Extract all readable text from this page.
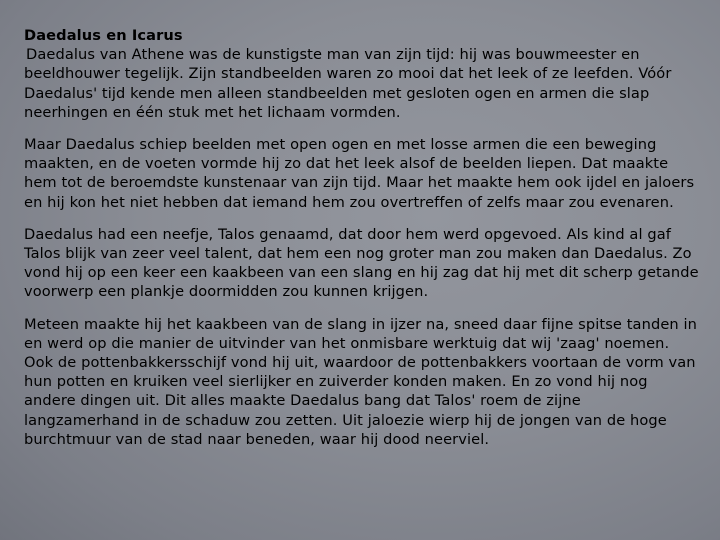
Daedalus en Icarus

Daedalus van Athene was de kunstigste man van zijn tijd: hij was bouwmeester en beeldhouwer tegelijk. Zijn standbeelden waren zo mooi dat het leek of ze leefden. Vóór Daedalus' tijd kende men alleen standbeelden met gesloten ogen en armen die slap neerhingen en één stuk met het lichaam vormden.

Maar Daedalus schiep beelden met open ogen en met losse armen die een beweging maakten, en de voeten vormde hij zo dat het leek alsof de beelden liepen. Dat maakte hem tot de beroemdste kunstenaar van zijn tijd. Maar het maakte hem ook ijdel en jaloers en hij kon het niet hebben dat iemand hem zou overtreffen of zelfs maar zou evenaren.

Daedalus had een neefje, Talos genaamd, dat door hem werd opgevoed. Als kind al gaf Talos blijk van zeer veel talent, dat hem een nog groter man zou maken dan Daedalus. Zo vond hij op een keer een kaakbeen van een slang en hij zag dat hij met dit scherp getande voorwerp een plankje doormidden zou kunnen krijgen.

Meteen maakte hij het kaakbeen van de slang in ijzer na, sneed daar fijne spitse tanden in en werd op die manier de uitvinder van het onmisbare werktuig dat wij 'zaag' noemen. Ook de pottenbakkersschijf vond hij uit, waardoor de pottenbakkers voortaan de vorm van hun potten en kruiken veel sierlijker en zuiverder konden maken. En zo vond hij nog andere dingen uit. Dit alles maakte Daedalus bang dat Talos' roem de zijne langzamerhand in de schaduw zou zetten. Uit jaloezie wierp hij de jongen van de hoge burchtmuur van de stad naar beneden, waar hij dood neerviel.
